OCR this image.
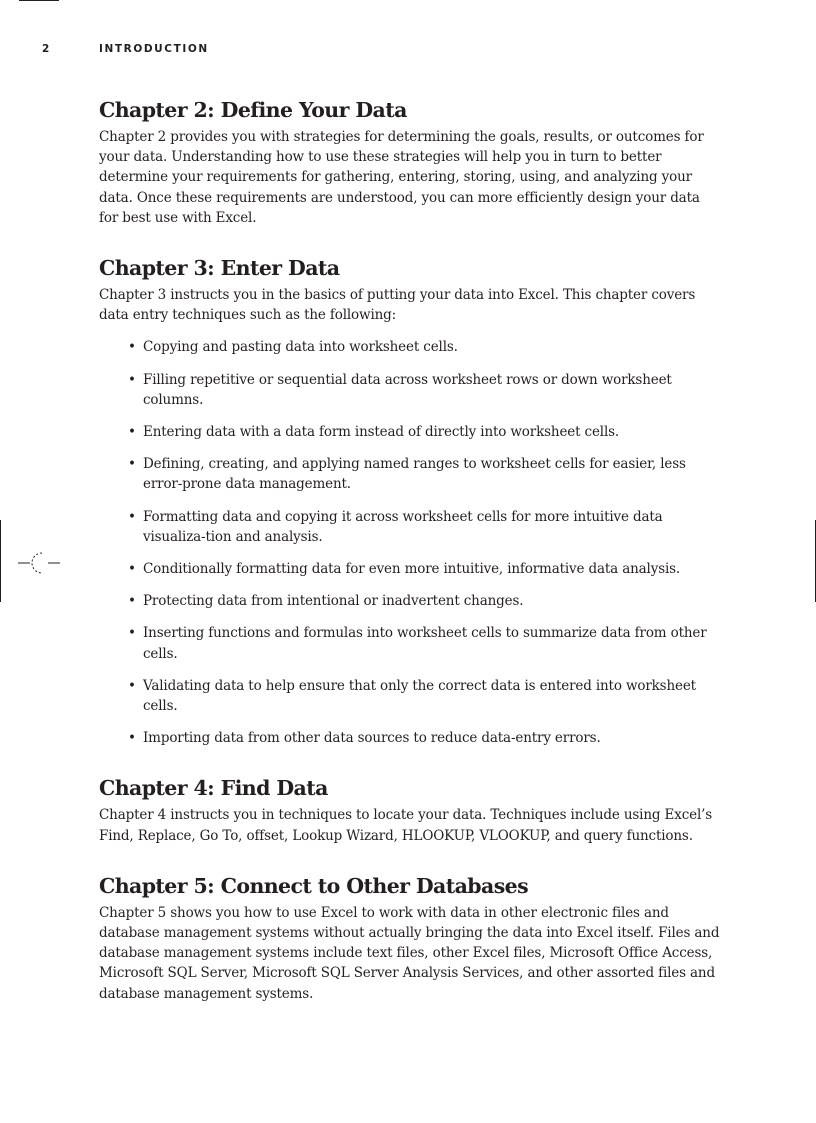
2	INTRODUCTION
Chapter 2: Define Your Data

Chapter 2 provides you with strategies for determining the goals, results, or outcomes for your data. Understanding how to use these strategies will help you in turn to better determine your requirements for gathering, entering, storing, using, and analyzing your data. Once these requirements are understood, you can more efficiently design your data for best use with Excel.

Chapter 3: Enter Data

Chapter 3 instructs you in the basics of putting your data into Excel. This chapter covers data entry techniques such as the following:

• Copying and pasting data into worksheet cells.
• Filling repetitive or sequential data across worksheet rows or down worksheet columns.
• Entering data with a data form instead of directly into worksheet cells.
• Defining, creating, and applying named ranges to worksheet cells for easier, less error-prone data management.
• Formatting data and copying it across worksheet cells for more intuitive data visualiza-tion and analysis.
• Conditionally formatting data for even more intuitive, informative data analysis.
• Protecting data from intentional or inadvertent changes.
• Inserting functions and formulas into worksheet cells to summarize data from other cells.
• Validating data to help ensure that only the correct data is entered into worksheet cells.
• Importing data from other data sources to reduce data-entry errors.
Chapter 4: Find Data

Chapter 4 instructs you in techniques to locate your data. Techniques include using Excel’s Find, Replace, Go To, offset, Lookup Wizard, HLOOKUP, VLOOKUP, and query functions.

Chapter 5: Connect to Other Databases

Chapter 5 shows you how to use Excel to work with data in other electronic files and database management systems without actually bringing the data into Excel itself. Files and database management systems include text files, other Excel files, Microsoft Office Access, Microsoft SQL Server, Microsoft SQL Server Analysis Services, and other assorted files and database management systems.
